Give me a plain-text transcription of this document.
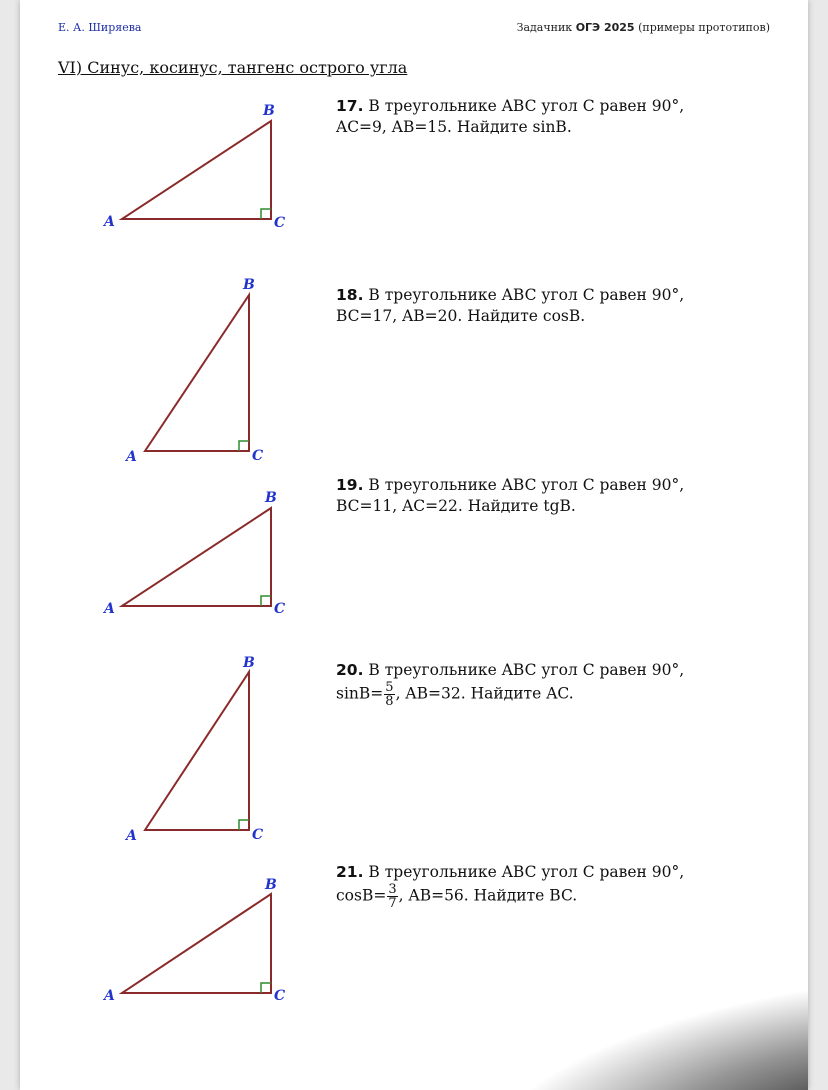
Е. А. Ширяева	Задачник ОГЭ 2025 (примеры прототипов)
VI) Синус, косинус, тангенс острого угла
A
B
C
17. В треугольнике ABC угол C равен 90°,
AC=9, AB=15. Найдите sinB.
A
B
C
18. В треугольнике ABC угол C равен 90°,
BC=17, AB=20. Найдите cosB.
A
B
C
19. В треугольнике ABC угол C равен 90°,
BC=11, AC=22. Найдите tgB.
A
B
C
20. В треугольнике ABC угол C равен 90°,
$\sin B= \frac{5}{8}$ , AB=32. Найдите AC.
A
B
C
21. В треугольнике ABC угол C равен 90°,
$\cos B= \frac{3}{7}$ , AB=56. Найдите BC.
